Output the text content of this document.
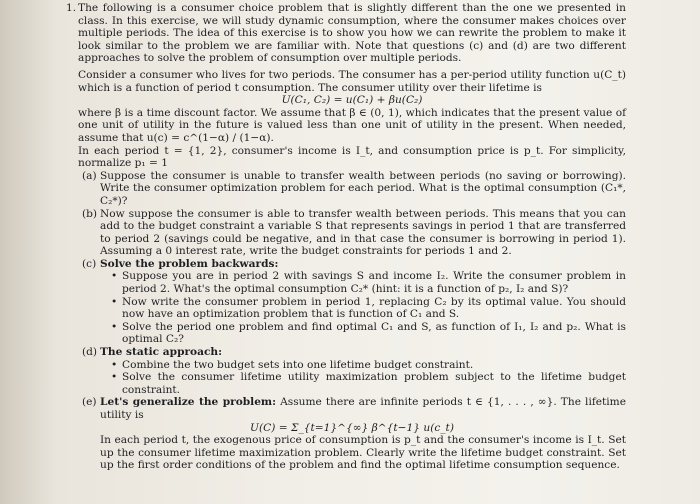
1. The following is a consumer choice problem that is slightly different than the one we presented in class. In this exercise, we will study dynamic consumption, where the consumer makes choices over multiple periods. The idea of this exercise is to show you how we can rewrite the problem to make it look similar to the problem we are familiar with. Note that questions (c) and (d) are two different approaches to solve the problem of consumption over multiple periods.

Consider a consumer who lives for two periods. The consumer has a per-period utility function u(C_t) which is a function of period t consumption. The consumer utility over their lifetime is

U(C₁, C₂) = u(C₁) + βu(C₂)

where β is a time discount factor. We assume that β ∈ (0, 1), which indicates that the present value of one unit of utility in the future is valued less than one unit of utility in the present. When needed, assume that u(c) = c^(1−α) / (1−α).

In each period t = {1, 2}, consumer's income is I_t, and consumption price is p_t. For simplicity, normalize p₁ = 1

(a) Suppose the consumer is unable to transfer wealth between periods (no saving or borrowing). Write the consumer optimization problem for each period. What is the optimal consumption (C₁*, C₂*)?
(b) Now suppose the consumer is able to transfer wealth between periods. This means that you can add to the budget constraint a variable S that represents savings in period 1 that are transferred to period 2 (savings could be negative, and in that case the consumer is borrowing in period 1). Assuming a 0 interest rate, write the budget constraints for periods 1 and 2.
(c) Solve the problem backwards:

• Suppose you are in period 2 with savings S and income I₂. Write the consumer problem in period 2. What's the optimal consumption C₂* (hint: it is a function of p₂, I₂ and S)?

• Now write the consumer problem in period 1, replacing C₂ by its optimal value. You should now have an optimization problem that is function of C₁ and S.

• Solve the period one problem and find optimal C₁ and S, as function of I₁, I₂ and p₂. What is optimal C₂?

(d) The static approach:

• Combine the two budget sets into one lifetime budget constraint.

• Solve the consumer lifetime utility maximization problem subject to the lifetime budget constraint.

(e) Let's generalize the problem: Assume there are infinite periods t ∈ {1, . . . , ∞}. The lifetime utility is

U(C) = Σ_{t=1}^{∞} β^{t−1} u(c_t)

In each period t, the exogenous price of consumption is p_t and the consumer's income is I_t. Set up the consumer lifetime maximization problem. Clearly write the lifetime budget constraint. Set up the first order conditions of the problem and find the optimal lifetime consumption sequence.
